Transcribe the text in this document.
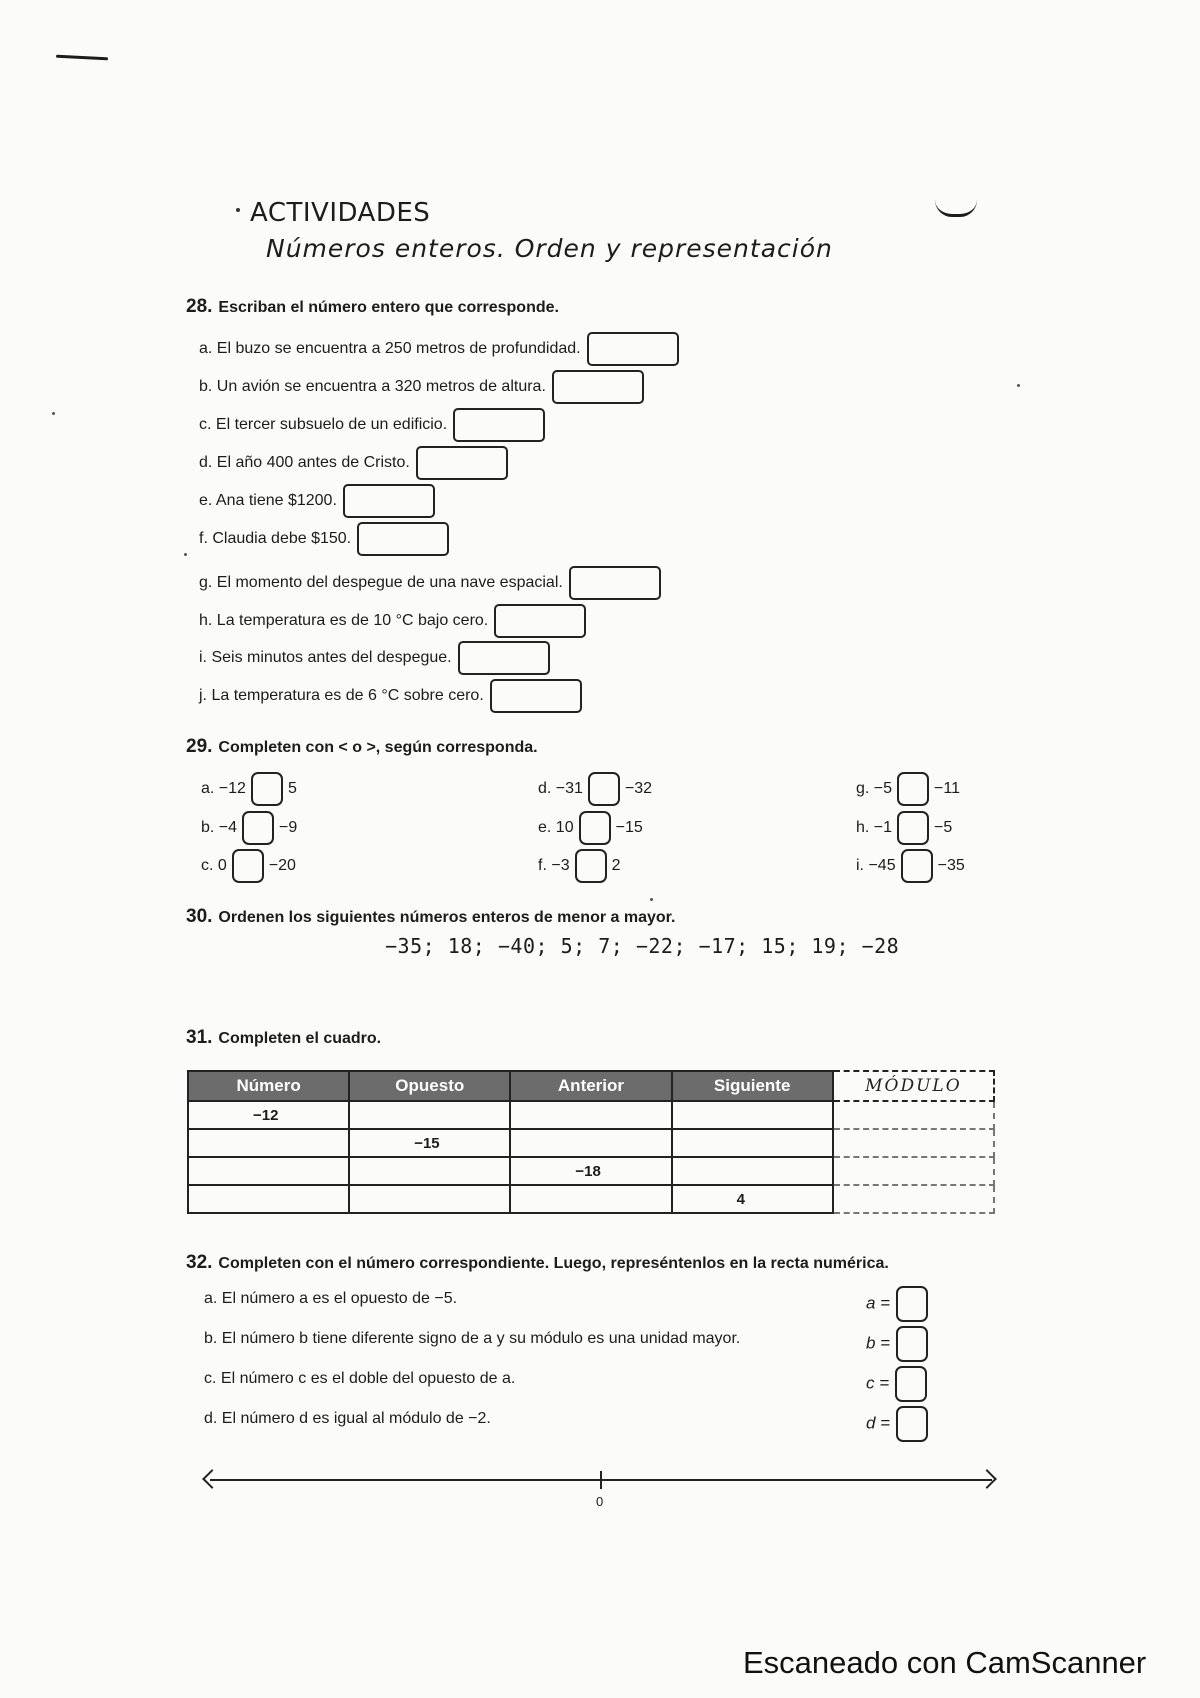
ACTIVIDADES
Números enteros. Orden y representación
28. Escriban el número entero que corresponde.
a. El buzo se encuentra a 250 metros de profundidad.
b. Un avión se encuentra a 320 metros de altura.
c. El tercer subsuelo de un edificio.
d. El año 400 antes de Cristo.
e. Ana tiene $1200.
f. Claudia debe $150.
g. El momento del despegue de una nave espacial.
h. La temperatura es de 10 °C bajo cero.
i. Seis minutos antes del despegue.
j. La temperatura es de 6 °C sobre cero.
29. Completen con < o >, según corresponda.
a. −12	5
b. −4	−9
c. 0	−20
d. −31	−32
e. 10	−15
f. −3	2
g. −5	−11
h. −1	−5
i. −45	−35
30. Ordenen los siguientes números enteros de menor a mayor.
−35; 18; −40; 5; 7; −22; −17; 15; 19; −28
31. Completen el cuadro.
Número	Opuesto	Anterior	Siguiente	MÓDULO
−12				
	−15			
		−18		
			4	
32. Completen con el número correspondiente. Luego, represéntenlos en la recta numérica.
a. El número a es el opuesto de −5.	a =
b. El número b tiene diferente signo de a y su módulo es una unidad mayor.	b =
c. El número c es el doble del opuesto de a.	c =
d. El número d es igual al módulo de −2.	d =
0
Escaneado con CamScanner
